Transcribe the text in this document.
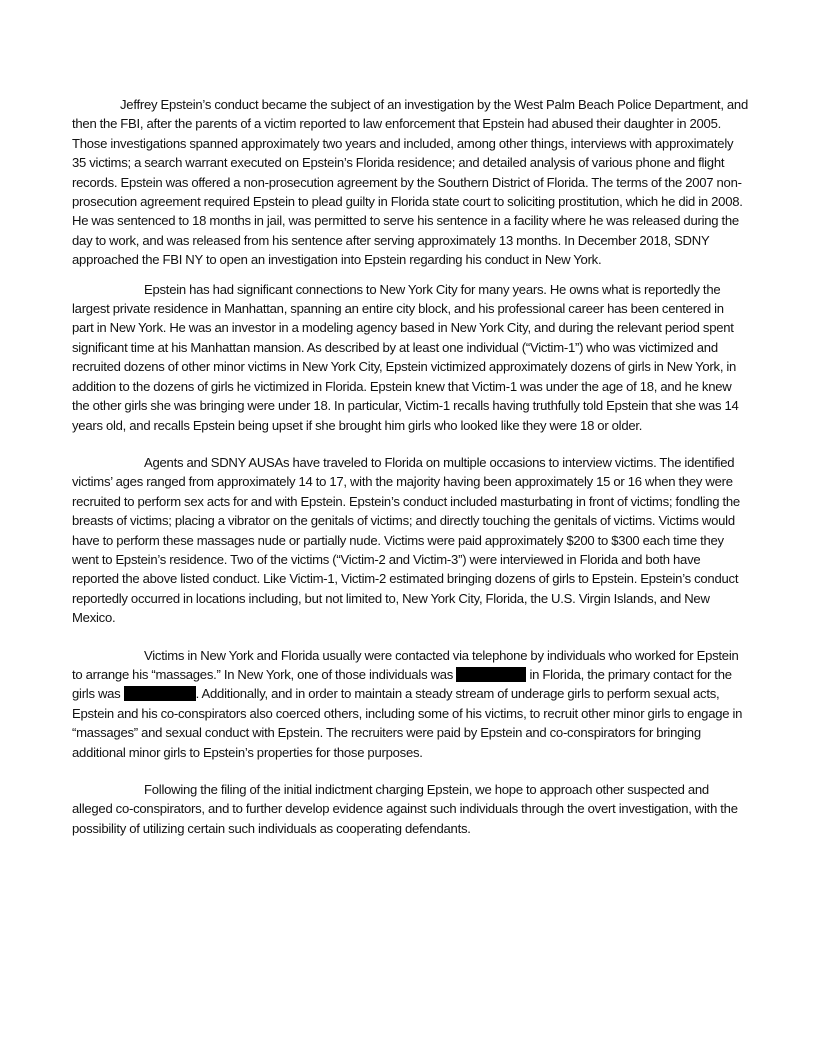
Jeffrey Epstein’s conduct became the subject of an investigation by the West Palm Beach Police Department, and then the FBI, after the parents of a victim reported to law enforcement that Epstein had abused their daughter in 2005. Those investigations spanned approximately two years and included, among other things, interviews with approximately 35 victims; a search warrant executed on Epstein’s Florida residence; and detailed analysis of various phone and flight records. Epstein was offered a non-prosecution agreement by the Southern District of Florida. The terms of the 2007 non-prosecution agreement required Epstein to plead guilty in Florida state court to soliciting prostitution, which he did in 2008. He was sentenced to 18 months in jail, was permitted to serve his sentence in a facility where he was released during the day to work, and was released from his sentence after serving approximately 13 months. In December 2018, SDNY approached the FBI NY to open an investigation into Epstein regarding his conduct in New York.

Epstein has had significant connections to New York City for many years. He owns what is reportedly the largest private residence in Manhattan, spanning an entire city block, and his professional career has been centered in part in New York. He was an investor in a modeling agency based in New York City, and during the relevant period spent significant time at his Manhattan mansion. As described by at least one individual (“Victim-1”) who was victimized and recruited dozens of other minor victims in New York City, Epstein victimized approximately dozens of girls in New York, in addition to the dozens of girls he victimized in Florida. Epstein knew that Victim-1 was under the age of 18, and he knew the other girls she was bringing were under 18. In particular, Victim-1 recalls having truthfully told Epstein that she was 14 years old, and recalls Epstein being upset if she brought him girls who looked like they were 18 or older.

Agents and SDNY AUSAs have traveled to Florida on multiple occasions to interview victims. The identified victims’ ages ranged from approximately 14 to 17, with the majority having been approximately 15 or 16 when they were recruited to perform sex acts for and with Epstein. Epstein’s conduct included masturbating in front of victims; fondling the breasts of victims; placing a vibrator on the genitals of victims; and directly touching the genitals of victims. Victims would have to perform these massages nude or partially nude. Victims were paid approximately $200 to $300 each time they went to Epstein’s residence. Two of the victims (“Victim-2 and Victim-3”) were interviewed in Florida and both have reported the above listed conduct. Like Victim-1, Victim-2 estimated bringing dozens of girls to Epstein. Epstein’s conduct reportedly occurred in locations including, but not limited to, New York City, Florida, the U.S. Virgin Islands, and New Mexico.

Victims in New York and Florida usually were contacted via telephone by individuals who worked for Epstein to arrange his “massages.” In New York, one of those individuals was	in Florida, the primary contact for the girls was	. Additionally, and in order to maintain a steady stream of underage girls to perform sexual acts, Epstein and his co-conspirators also coerced others, including some of his victims, to recruit other minor girls to engage in “massages” and sexual conduct with Epstein. The recruiters were paid by Epstein and co-conspirators for bringing additional minor girls to Epstein’s properties for those purposes.

Following the filing of the initial indictment charging Epstein, we hope to approach other suspected and alleged co-conspirators, and to further develop evidence against such individuals through the overt investigation, with the possibility of utilizing certain such individuals as cooperating defendants.
